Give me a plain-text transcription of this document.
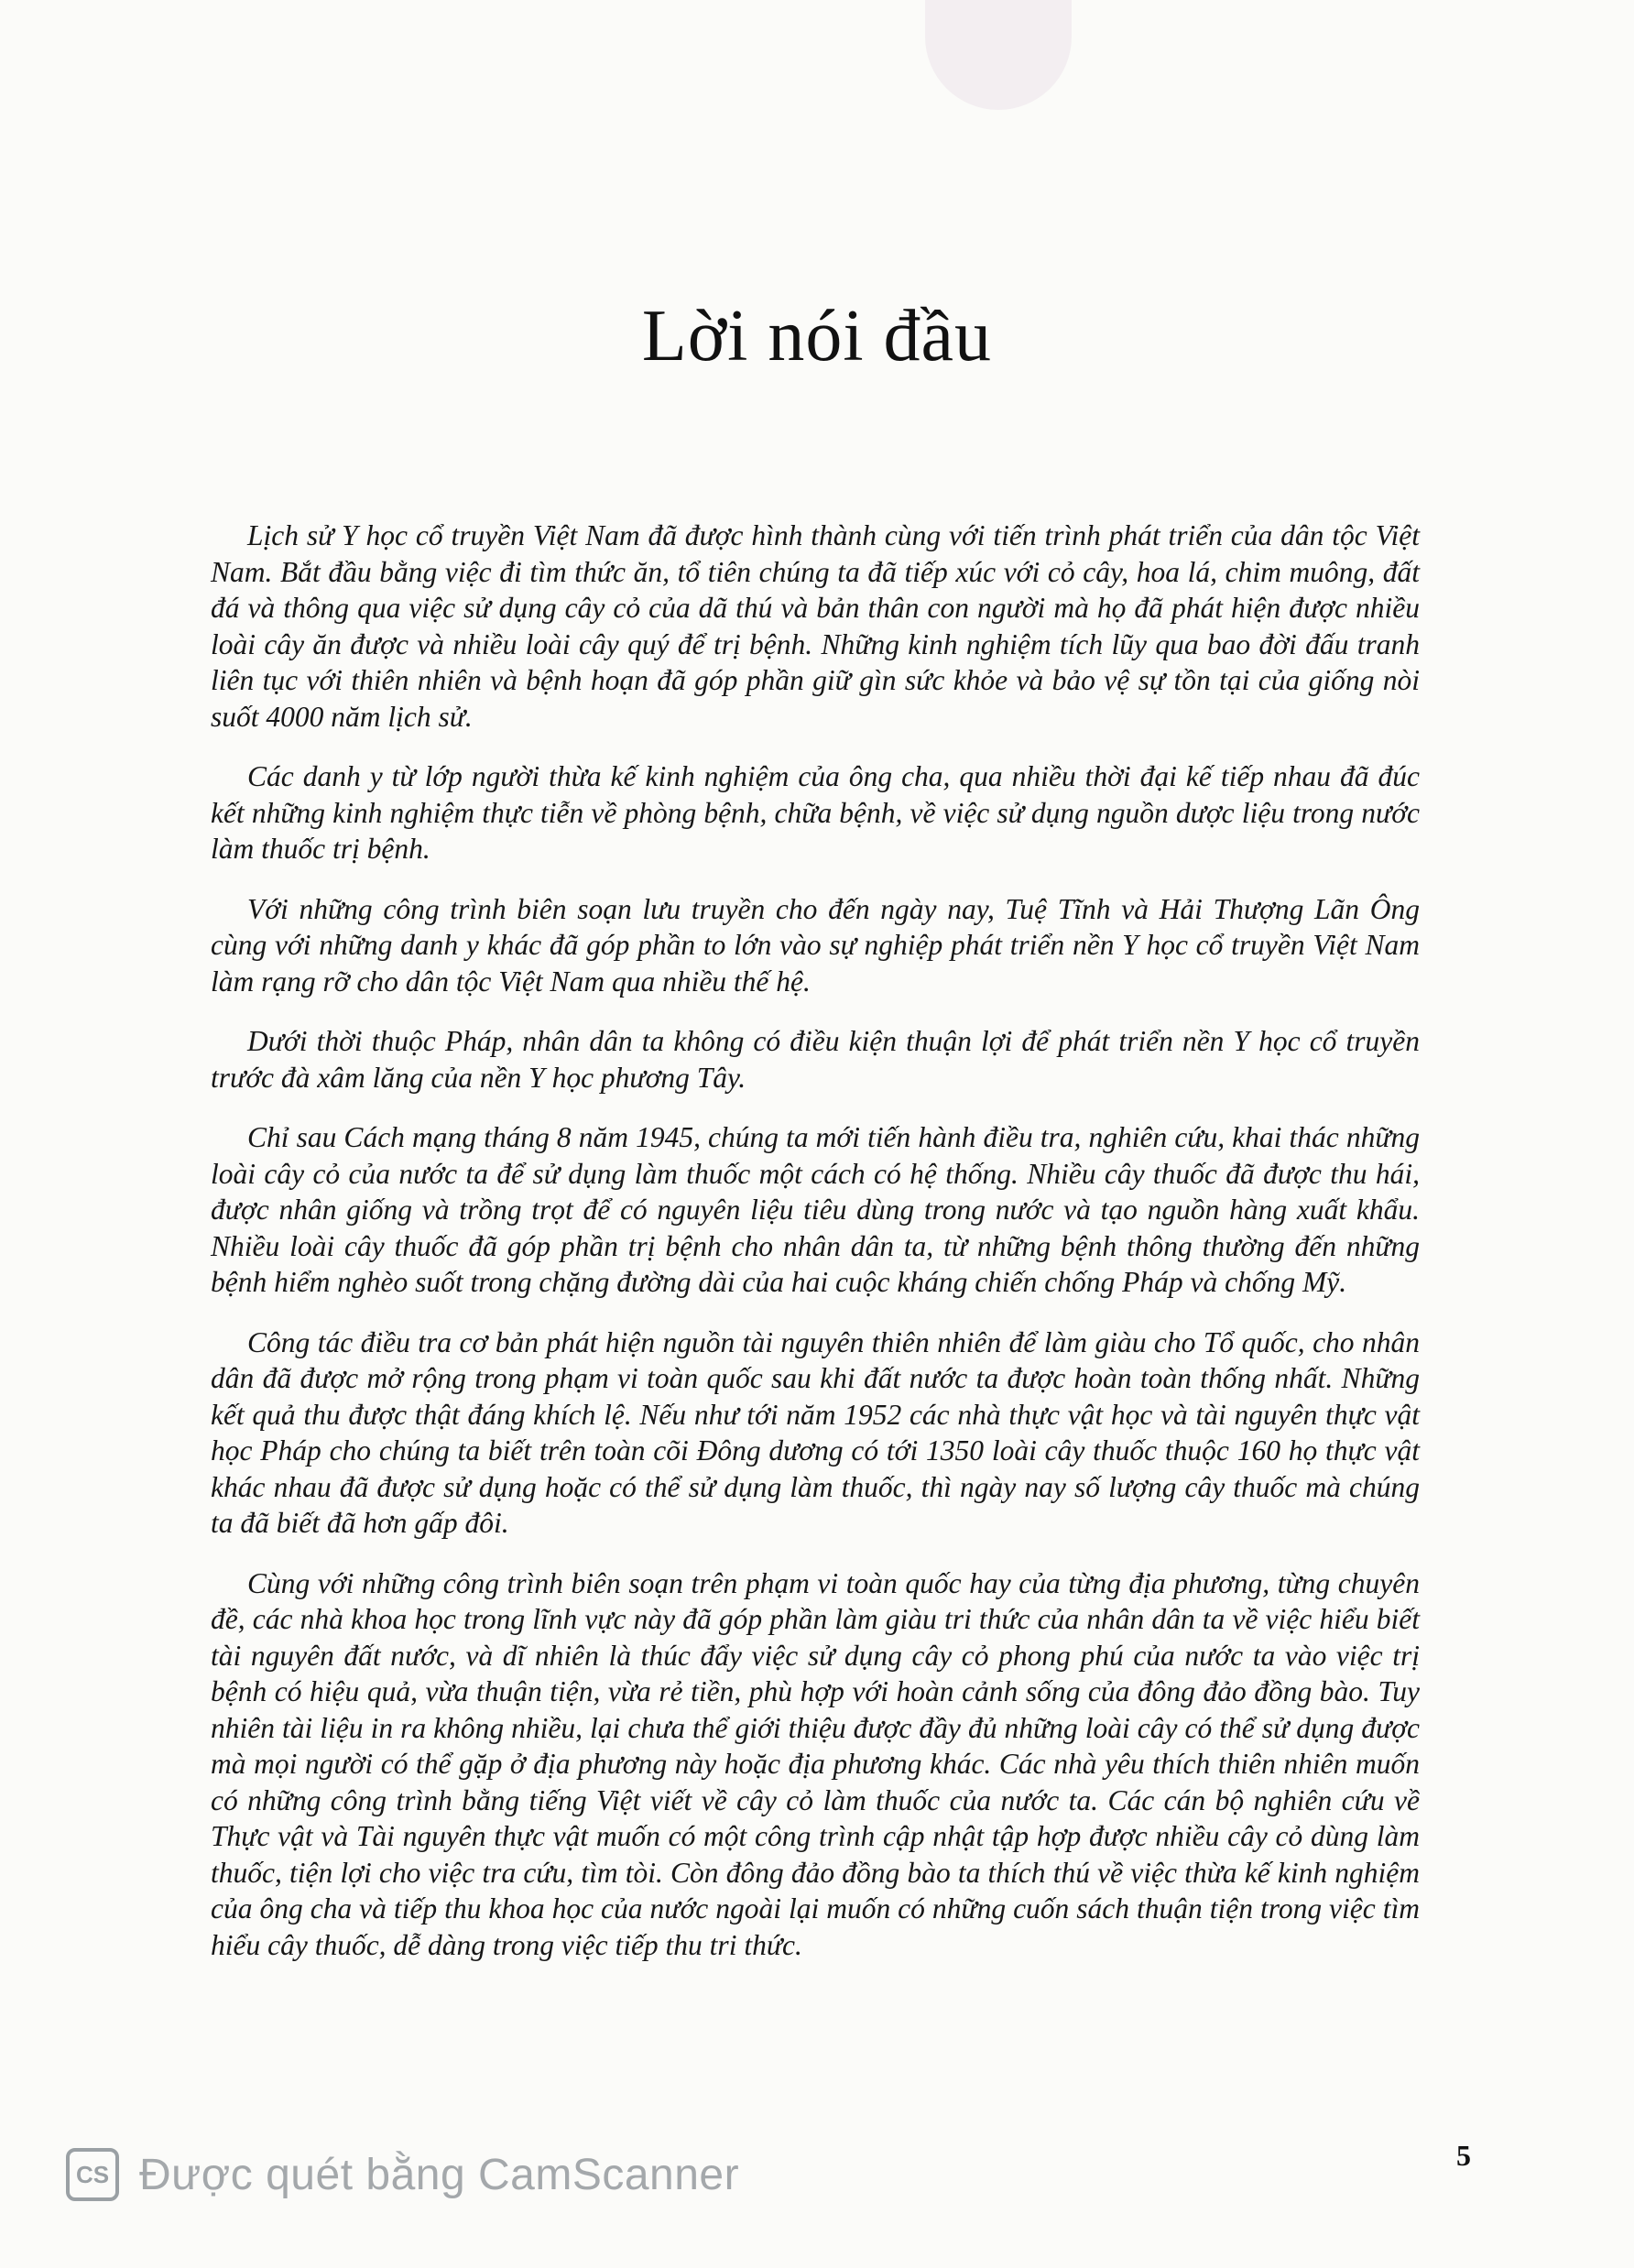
Lời nói đầu

Lịch sử Y học cổ truyền Việt Nam đã được hình thành cùng với tiến trình phát triển của dân tộc Việt Nam. Bắt đầu bằng việc đi tìm thức ăn, tổ tiên chúng ta đã tiếp xúc với cỏ cây, hoa lá, chim muông, đất đá và thông qua việc sử dụng cây cỏ của dã thú và bản thân con người mà họ đã phát hiện được nhiều loài cây ăn được và nhiều loài cây quý để trị bệnh. Những kinh nghiệm tích lũy qua bao đời đấu tranh liên tục với thiên nhiên và bệnh hoạn đã góp phần giữ gìn sức khỏe và bảo vệ sự tồn tại của giống nòi suốt 4000 năm lịch sử.

Các danh y từ lớp người thừa kế kinh nghiệm của ông cha, qua nhiều thời đại kế tiếp nhau đã đúc kết những kinh nghiệm thực tiễn về phòng bệnh, chữa bệnh, về việc sử dụng nguồn dược liệu trong nước làm thuốc trị bệnh.

Với những công trình biên soạn lưu truyền cho đến ngày nay, Tuệ Tĩnh và Hải Thượng Lãn Ông cùng với những danh y khác đã góp phần to lớn vào sự nghiệp phát triển nền Y học cổ truyền Việt Nam làm rạng rỡ cho dân tộc Việt Nam qua nhiều thế hệ.

Dưới thời thuộc Pháp, nhân dân ta không có điều kiện thuận lợi để phát triển nền Y học cổ truyền trước đà xâm lăng của nền Y học phương Tây.

Chỉ sau Cách mạng tháng 8 năm 1945, chúng ta mới tiến hành điều tra, nghiên cứu, khai thác những loài cây cỏ của nước ta để sử dụng làm thuốc một cách có hệ thống. Nhiều cây thuốc đã được thu hái, được nhân giống và trồng trọt để có nguyên liệu tiêu dùng trong nước và tạo nguồn hàng xuất khẩu. Nhiều loài cây thuốc đã góp phần trị bệnh cho nhân dân ta, từ những bệnh thông thường đến những bệnh hiểm nghèo suốt trong chặng đường dài của hai cuộc kháng chiến chống Pháp và chống Mỹ.

Công tác điều tra cơ bản phát hiện nguồn tài nguyên thiên nhiên để làm giàu cho Tổ quốc, cho nhân dân đã được mở rộng trong phạm vi toàn quốc sau khi đất nước ta được hoàn toàn thống nhất. Những kết quả thu được thật đáng khích lệ. Nếu như tới năm 1952 các nhà thực vật học và tài nguyên thực vật học Pháp cho chúng ta biết trên toàn cõi Đông dương có tới 1350 loài cây thuốc thuộc 160 họ thực vật khác nhau đã được sử dụng hoặc có thể sử dụng làm thuốc, thì ngày nay số lượng cây thuốc mà chúng ta đã biết đã hơn gấp đôi.

Cùng với những công trình biên soạn trên phạm vi toàn quốc hay của từng địa phương, từng chuyên đề, các nhà khoa học trong lĩnh vực này đã góp phần làm giàu tri thức của nhân dân ta về việc hiểu biết tài nguyên đất nước, và dĩ nhiên là thúc đẩy việc sử dụng cây cỏ phong phú của nước ta vào việc trị bệnh có hiệu quả, vừa thuận tiện, vừa rẻ tiền, phù hợp với hoàn cảnh sống của đông đảo đồng bào. Tuy nhiên tài liệu in ra không nhiều, lại chưa thể giới thiệu được đầy đủ những loài cây có thể sử dụng được mà mọi người có thể gặp ở địa phương này hoặc địa phương khác. Các nhà yêu thích thiên nhiên muốn có những công trình bằng tiếng Việt viết về cây cỏ làm thuốc của nước ta. Các cán bộ nghiên cứu về Thực vật và Tài nguyên thực vật muốn có một công trình cập nhật tập hợp được nhiều cây cỏ dùng làm thuốc, tiện lợi cho việc tra cứu, tìm tòi. Còn đông đảo đồng bào ta thích thú về việc thừa kế kinh nghiệm của ông cha và tiếp thu khoa học của nước ngoài lại muốn có những cuốn sách thuận tiện trong việc tìm hiểu cây thuốc, dễ dàng trong việc tiếp thu tri thức.

CS Được quét bằng CamScanner	5
